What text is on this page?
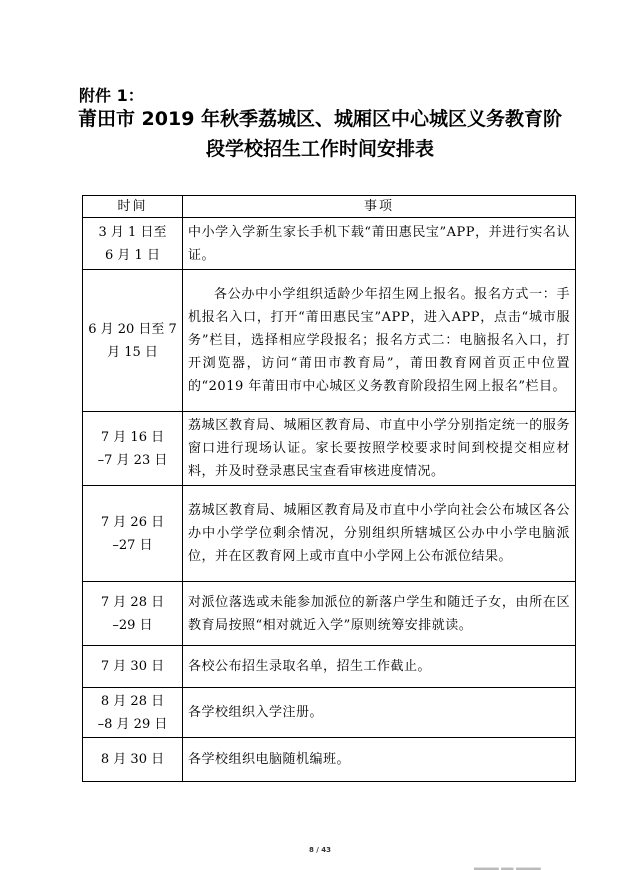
附件 1：
莆田市 2019 年秋季荔城区、城厢区中心城区义务教育阶
段学校招生工作时间安排表
时间	事项
3 月 1 日至
6 月 1 日	中小学入学新生家长手机下载“莆田惠民宝”APP，并进行实名认证。
6 月 20 日至 7
月 15 日	各公办中小学组织适龄少年招生网上报名。报名方式一：手机报名入口，打开“莆田惠民宝”APP，进入APP，点击“城市服务”栏目，选择相应学段报名；报名方式二：电脑报名入口，打开浏览器，访问“莆田市教育局”，莆田教育网首页正中位置的“2019 年莆田市中心城区义务教育阶段招生网上报名”栏目。
7 月 16 日
–7 月 23 日	荔城区教育局、城厢区教育局、市直中小学分别指定统一的服务窗口进行现场认证。家长要按照学校要求时间到校提交相应材料，并及时登录惠民宝查看审核进度情况。
7 月 26 日
–27 日	荔城区教育局、城厢区教育局及市直中小学向社会公布城区各公办中小学学位剩余情况，分别组织所辖城区公办中小学电脑派位，并在区教育网上或市直中小学网上公布派位结果。
7 月 28 日
–29 日	对派位落选或未能参加派位的新落户学生和随迁子女，由所在区教育局按照“相对就近入学”原则统筹安排就读。
7 月 30 日	各校公布招生录取名单，招生工作截止。
8 月 28 日
–8 月 29 日	各学校组织入学注册。
8 月 30 日	各学校组织电脑随机编班。
8 / 43
▂▂▂▂ ▂▂ ▂▂▂▂
